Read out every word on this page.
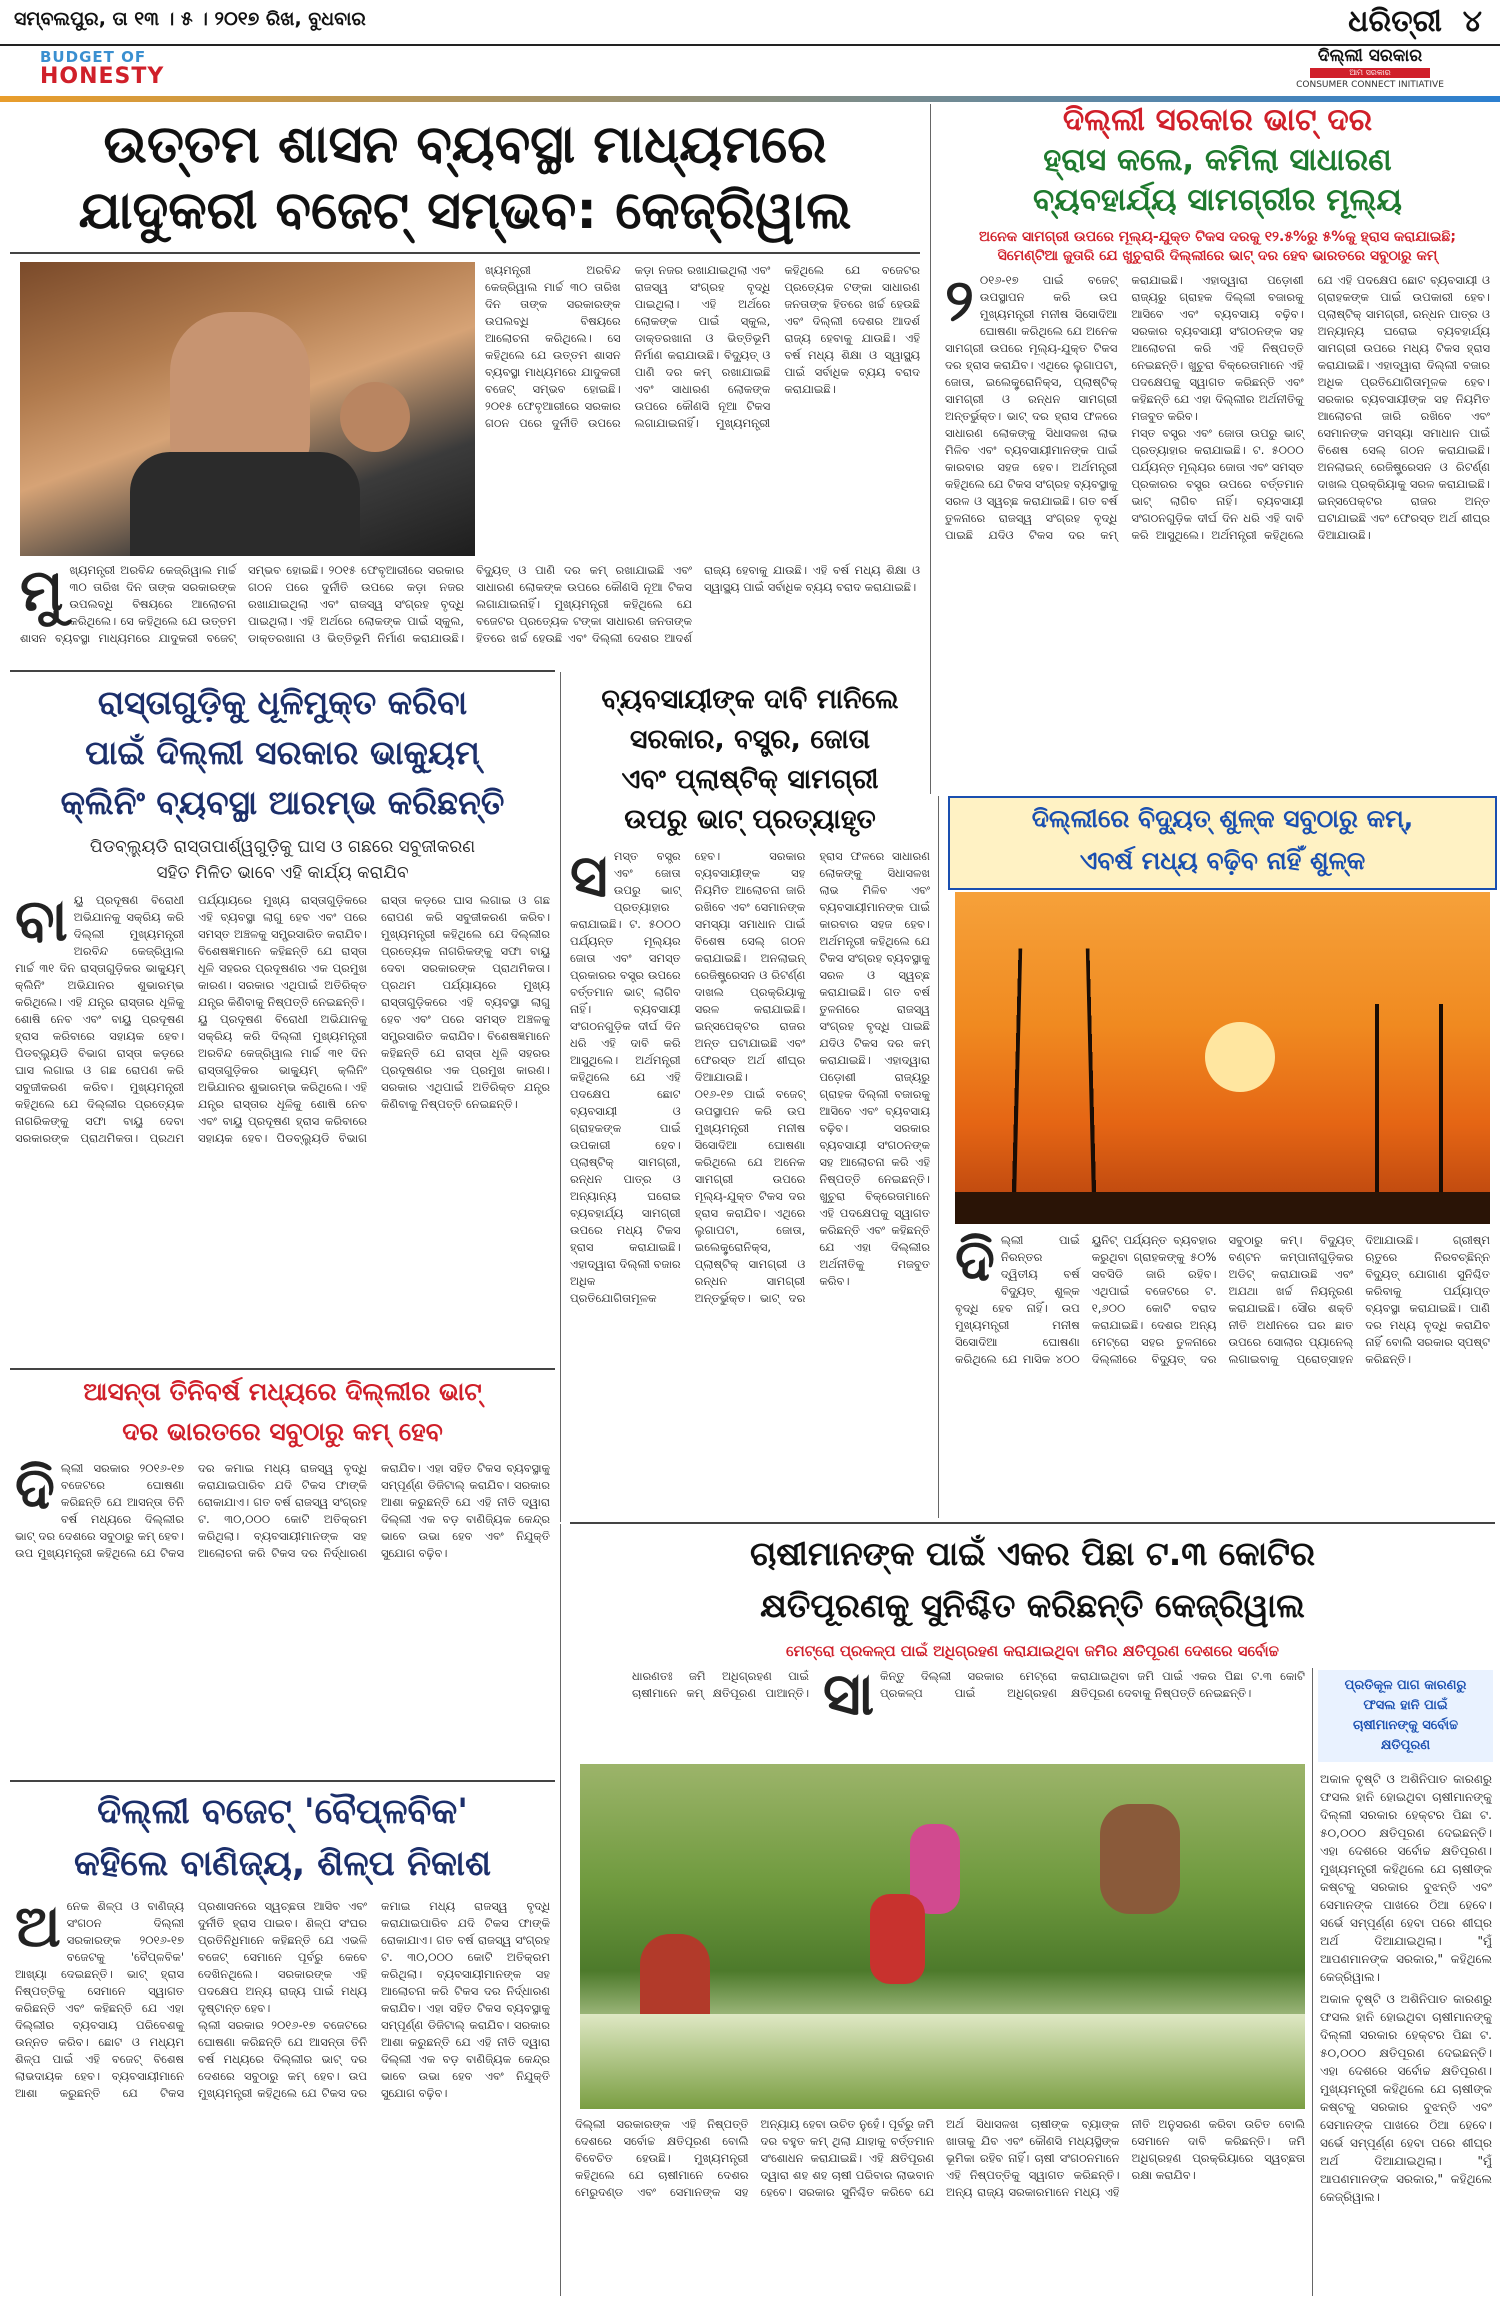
ସମ୍ବଲପୁର, ତା ୧୩ । ୫ । ୨୦୧୭ ରିଖ, ବୁଧବାର	ଧରିତ୍ରୀ ୪
BUDGET OF
HONESTY
ଦିଲ୍ଲୀ ସରକାର
ଆମ ସରକାର
CONSUMER CONNECT INITIATIVE
ଉତ୍ତମ ଶାସନ ବ୍ୟବସ୍ଥା ମାଧ୍ୟମରେ
ଯାଦୁକରୀ ବଜେଟ୍ ସମ୍ଭବ: କେଜ୍ରିୱାଲ

ଖ୍ୟମନ୍ତ୍ରୀ ଅରବିନ୍ଦ କେଜ୍ରିୱାଲ ମାର୍ଚ୍ଚ ୩୦ ତାରିଖ ଦିନ ତାଙ୍କ ସରକାରଙ୍କ ଉପଲବ୍ଧି ବିଷୟରେ ଆଲୋଚନା କରିଥିଲେ। ସେ କହିଥିଲେ ଯେ ଉତ୍ତମ ଶାସନ ବ୍ୟବସ୍ଥା ମାଧ୍ୟମରେ ଯାଦୁକରୀ ବଜେଟ୍ ସମ୍ଭବ ହୋଇଛି। ୨୦୧୫ ଫେବୃଆରୀରେ ସରକାର ଗଠନ ପରେ ଦୁର୍ନୀତି ଉପରେ କଡ଼ା ନଜର ରଖାଯାଇଥିଲା ଏବଂ ରାଜସ୍ୱ ସଂଗ୍ରହ ବୃଦ୍ଧି ପାଇଥିଲା। ଏହି ଅର୍ଥରେ ଲୋକଙ୍କ ପାଇଁ ସ୍କୁଲ, ଡାକ୍ତରଖାନା ଓ ଭିତ୍ତିଭୂମି ନିର୍ମାଣ କରାଯାଉଛି। ବିଦ୍ୟୁତ୍ ଓ ପାଣି ଦର କମ୍ ରଖାଯାଇଛି ଏବଂ ସାଧାରଣ ଲୋକଙ୍କ ଉପରେ କୌଣସି ନୂଆ ଟିକସ ଲଗାଯାଇନାହିଁ। ମୁଖ୍ୟମନ୍ତ୍ରୀ କହିଥିଲେ ଯେ ବଜେଟର ପ୍ରତ୍ୟେକ ଟଙ୍କା ସାଧାରଣ ଜନତାଙ୍କ ହିତରେ ଖର୍ଚ୍ଚ ହେଉଛି ଏବଂ ଦିଲ୍ଲୀ ଦେଶର ଆଦର୍ଶ ରାଜ୍ୟ ହେବାକୁ ଯାଉଛି। ଏହି ବର୍ଷ ମଧ୍ୟ ଶିକ୍ଷା ଓ ସ୍ୱାସ୍ଥ୍ୟ ପାଇଁ ସର୍ବାଧିକ ବ୍ୟୟ ବରାଦ କରାଯାଇଛି।

ମୁ ଖ୍ୟମନ୍ତ୍ରୀ ଅରବିନ୍ଦ କେଜ୍ରିୱାଲ ମାର୍ଚ୍ଚ ୩୦ ତାରିଖ ଦିନ ତାଙ୍କ ସରକାରଙ୍କ ଉପଲବ୍ଧି ବିଷୟରେ ଆଲୋଚନା କରିଥିଲେ। ସେ କହିଥିଲେ ଯେ ଉତ୍ତମ ଶାସନ ବ୍ୟବସ୍ଥା ମାଧ୍ୟମରେ ଯାଦୁକରୀ ବଜେଟ୍ ସମ୍ଭବ ହୋଇଛି। ୨୦୧୫ ଫେବୃଆରୀରେ ସରକାର ଗଠନ ପରେ ଦୁର୍ନୀତି ଉପରେ କଡ଼ା ନଜର ରଖାଯାଇଥିଲା ଏବଂ ରାଜସ୍ୱ ସଂଗ୍ରହ ବୃଦ୍ଧି ପାଇଥିଲା। ଏହି ଅର୍ଥରେ ଲୋକଙ୍କ ପାଇଁ ସ୍କୁଲ, ଡାକ୍ତରଖାନା ଓ ଭିତ୍ତିଭୂମି ନିର୍ମାଣ କରାଯାଉଛି। ବିଦ୍ୟୁତ୍ ଓ ପାଣି ଦର କମ୍ ରଖାଯାଇଛି ଏବଂ ସାଧାରଣ ଲୋକଙ୍କ ଉପରେ କୌଣସି ନୂଆ ଟିକସ ଲଗାଯାଇନାହିଁ। ମୁଖ୍ୟମନ୍ତ୍ରୀ କହିଥିଲେ ଯେ ବଜେଟର ପ୍ରତ୍ୟେକ ଟଙ୍କା ସାଧାରଣ ଜନତାଙ୍କ ହିତରେ ଖର୍ଚ୍ଚ ହେଉଛି ଏବଂ ଦିଲ୍ଲୀ ଦେଶର ଆଦର୍ଶ ରାଜ୍ୟ ହେବାକୁ ଯାଉଛି। ଏହି ବର୍ଷ ମଧ୍ୟ ଶିକ୍ଷା ଓ ସ୍ୱାସ୍ଥ୍ୟ ପାଇଁ ସର୍ବାଧିକ ବ୍ୟୟ ବରାଦ କରାଯାଇଛି।
ଦିଲ୍ଲୀ ସରକାର ଭାଟ୍ ଦର
ହ୍ରାସ କଲେ, କମିଲା ସାଧାରଣ
ବ୍ୟବହାର୍ଯ୍ୟ ସାମଗ୍ରୀର ମୂଲ୍ୟ
ଅନେକ ସାମଗ୍ରୀ ଉପରେ ମୂଲ୍ୟ-ଯୁକ୍ତ ଟିକସ ଦରକୁ ୧୨.୫%ରୁ ୫%କୁ ହ୍ରାସ କରାଯାଇଛି;
ସିମେଣ୍ଟିଆ ଜୁତାରି ଯେ ଖୁଚୁରାରି ଦିଲ୍ଲୀରେ ଭାଟ୍ ଦର ହେବ ଭାରତରେ ସବୁଠାରୁ କମ୍
୨ ୦୧୬-୧୭ ପାଇଁ ବଜେଟ୍ ଉପସ୍ଥାପନ କରି ଉପ ମୁଖ୍ୟମନ୍ତ୍ରୀ ମନୀଷ ସିସୋଦିଆ ଘୋଷଣା କରିଥିଲେ ଯେ ଅନେକ ସାମଗ୍ରୀ ଉପରେ ମୂଲ୍ୟ-ଯୁକ୍ତ ଟିକସ ଦର ହ୍ରାସ କରାଯିବ। ଏଥିରେ ଲୁଗାପଟା, ଜୋତା, ଇଲେକ୍ଟ୍ରୋନିକ୍ସ, ପ୍ଲାଷ୍ଟିକ୍ ସାମଗ୍ରୀ ଓ ରନ୍ଧନ ସାମଗ୍ରୀ ଅନ୍ତର୍ଭୁକ୍ତ। ଭାଟ୍ ଦର ହ୍ରାସ ଫଳରେ ସାଧାରଣ ଲୋକଙ୍କୁ ସିଧାସଳଖ ଲାଭ ମିଳିବ ଏବଂ ବ୍ୟବସାୟୀମାନଙ୍କ ପାଇଁ କାରବାର ସହଜ ହେବ। ଅର୍ଥମନ୍ତ୍ରୀ କହିଥିଲେ ଯେ ଟିକସ ସଂଗ୍ରହ ବ୍ୟବସ୍ଥାକୁ ସରଳ ଓ ସ୍ୱଚ୍ଛ କରାଯାଇଛି। ଗତ ବର୍ଷ ତୁଳନାରେ ରାଜସ୍ୱ ସଂଗ୍ରହ ବୃଦ୍ଧି ପାଇଛି ଯଦିଓ ଟିକସ ଦର କମ୍ କରାଯାଇଛି। ଏହାଦ୍ୱାରା ପଡ଼ୋଶୀ ରାଜ୍ୟରୁ ଗ୍ରାହକ ଦିଲ୍ଲୀ ବଜାରକୁ ଆସିବେ ଏବଂ ବ୍ୟବସାୟ ବଢ଼ିବ। ସରକାର ବ୍ୟବସାୟୀ ସଂଗଠନଙ୍କ ସହ ଆଲୋଚନା କରି ଏହି ନିଷ୍ପତ୍ତି ନେଇଛନ୍ତି। ଖୁଚୁରା ବିକ୍ରେତାମାନେ ଏହି ପଦକ୍ଷେପକୁ ସ୍ୱାଗତ କରିଛନ୍ତି ଏବଂ କହିଛନ୍ତି ଯେ ଏହା ଦିଲ୍ଲୀର ଅର୍ଥନୀତିକୁ ମଜବୁତ କରିବ।

ମସ୍ତ ବସ୍ତ୍ର ଏବଂ ଜୋତା ଉପରୁ ଭାଟ୍ ପ୍ରତ୍ୟାହାର କରାଯାଇଛି। ଟ. ୫୦୦୦ ପର୍ଯ୍ୟନ୍ତ ମୂଲ୍ୟର ଜୋତା ଏବଂ ସମସ୍ତ ପ୍ରକାରର ବସ୍ତ୍ର ଉପରେ ବର୍ତ୍ତମାନ ଭାଟ୍ ଲାଗିବ ନାହିଁ। ବ୍ୟବସାୟୀ ସଂଗଠନଗୁଡ଼ିକ ଦୀର୍ଘ ଦିନ ଧରି ଏହି ଦାବି କରି ଆସୁଥିଲେ। ଅର୍ଥମନ୍ତ୍ରୀ କହିଥିଲେ ଯେ ଏହି ପଦକ୍ଷେପ ଛୋଟ ବ୍ୟବସାୟୀ ଓ ଗ୍ରାହକଙ୍କ ପାଇଁ ଉପକାରୀ ହେବ। ପ୍ଲାଷ୍ଟିକ୍ ସାମଗ୍ରୀ, ରନ୍ଧନ ପାତ୍ର ଓ ଅନ୍ୟାନ୍ୟ ଘରୋଇ ବ୍ୟବହାର୍ଯ୍ୟ ସାମଗ୍ରୀ ଉପରେ ମଧ୍ୟ ଟିକସ ହ୍ରାସ କରାଯାଇଛି। ଏହାଦ୍ୱାରା ଦିଲ୍ଲୀ ବଜାର ଅଧିକ ପ୍ରତିଯୋଗିତାମୂଳକ ହେବ। ସରକାର ବ୍ୟବସାୟୀଙ୍କ ସହ ନିୟମିତ ଆଲୋଚନା ଜାରି ରଖିବେ ଏବଂ ସେମାନଙ୍କ ସମସ୍ୟା ସମାଧାନ ପାଇଁ ବିଶେଷ ସେଲ୍ ଗଠନ କରାଯାଇଛି। ଅନଲାଇନ୍ ରେଜିଷ୍ଟ୍ରେସନ ଓ ରିଟର୍ଣ୍ଣ ଦାଖଲ ପ୍ରକ୍ରିୟାକୁ ସରଳ କରାଯାଇଛି। ଇନ୍ସପେକ୍ଟର ରାଜର ଅନ୍ତ ଘଟାଯାଇଛି ଏବଂ ଫେରସ୍ତ ଅର୍ଥ ଶୀଘ୍ର ଦିଆଯାଉଛି।

ରାସ୍ତାଗୁଡ଼ିକୁ ଧୂଳିମୁକ୍ତ କରିବା
ପାଇଁ ଦିଲ୍ଲୀ ସରକାର ଭାକ୍ୟୁମ୍
କ୍ଲିନିଂ ବ୍ୟବସ୍ଥା ଆରମ୍ଭ କରିଛନ୍ତି
ପିଡବ୍ଲ୍ୟୁଡି ରାସ୍ତାପାର୍ଶ୍ୱଗୁଡ଼ିକୁ ଘାସ ଓ ଗଛରେ ସବୁଜୀକରଣ
ସହିତ ମିଳିତ ଭାବେ ଏହି କାର୍ଯ୍ୟ କରାଯିବ
ବା ୟୁ ପ୍ରଦୂଷଣ ବିରୋଧୀ ଅଭିଯାନକୁ ସକ୍ରିୟ କରି ଦିଲ୍ଲୀ ମୁଖ୍ୟମନ୍ତ୍ରୀ ଅରବିନ୍ଦ କେଜ୍ରିୱାଲ ମାର୍ଚ୍ଚ ୩୧ ଦିନ ରାସ୍ତାଗୁଡ଼ିକର ଭାକ୍ୟୁମ୍ କ୍ଲିନିଂ ଅଭିଯାନର ଶୁଭାରମ୍ଭ କରିଥିଲେ। ଏହି ଯନ୍ତ୍ର ରାସ୍ତାର ଧୂଳିକୁ ଶୋଷି ନେବ ଏବଂ ବାୟୁ ପ୍ରଦୂଷଣ ହ୍ରାସ କରିବାରେ ସହାୟକ ହେବ। ପିଡବ୍ଲ୍ୟୁଡି ବିଭାଗ ରାସ୍ତା କଡ଼ରେ ଘାସ ଲଗାଇ ଓ ଗଛ ରୋପଣ କରି ସବୁଜୀକରଣ କରିବ। ମୁଖ୍ୟମନ୍ତ୍ରୀ କହିଥିଲେ ଯେ ଦିଲ୍ଲୀର ପ୍ରତ୍ୟେକ ନାଗରିକଙ୍କୁ ସଫା ବାୟୁ ଦେବା ସରକାରଙ୍କ ପ୍ରାଥମିକତା। ପ୍ରଥମ ପର୍ଯ୍ୟାୟରେ ମୁଖ୍ୟ ରାସ୍ତାଗୁଡ଼ିକରେ ଏହି ବ୍ୟବସ୍ଥା ଲାଗୁ ହେବ ଏବଂ ପରେ ସମସ୍ତ ଅଞ୍ଚଳକୁ ସମ୍ପ୍ରସାରିତ କରାଯିବ। ବିଶେଷଜ୍ଞମାନେ କହିଛନ୍ତି ଯେ ରାସ୍ତା ଧୂଳି ସହରର ପ୍ରଦୂଷଣର ଏକ ପ୍ରମୁଖ କାରଣ। ସରକାର ଏଥିପାଇଁ ଅତିରିକ୍ତ ଯନ୍ତ୍ର କିଣିବାକୁ ନିଷ୍ପତ୍ତି ନେଇଛନ୍ତି।

ୟୁ ପ୍ରଦୂଷଣ ବିରୋଧୀ ଅଭିଯାନକୁ ସକ୍ରିୟ କରି ଦିଲ୍ଲୀ ମୁଖ୍ୟମନ୍ତ୍ରୀ ଅରବିନ୍ଦ କେଜ୍ରିୱାଲ ମାର୍ଚ୍ଚ ୩୧ ଦିନ ରାସ୍ତାଗୁଡ଼ିକର ଭାକ୍ୟୁମ୍ କ୍ଲିନିଂ ଅଭିଯାନର ଶୁଭାରମ୍ଭ କରିଥିଲେ। ଏହି ଯନ୍ତ୍ର ରାସ୍ତାର ଧୂଳିକୁ ଶୋଷି ନେବ ଏବଂ ବାୟୁ ପ୍ରଦୂଷଣ ହ୍ରାସ କରିବାରେ ସହାୟକ ହେବ। ପିଡବ୍ଲ୍ୟୁଡି ବିଭାଗ ରାସ୍ତା କଡ଼ରେ ଘାସ ଲଗାଇ ଓ ଗଛ ରୋପଣ କରି ସବୁଜୀକରଣ କରିବ। ମୁଖ୍ୟମନ୍ତ୍ରୀ କହିଥିଲେ ଯେ ଦିଲ୍ଲୀର ପ୍ରତ୍ୟେକ ନାଗରିକଙ୍କୁ ସଫା ବାୟୁ ଦେବା ସରକାରଙ୍କ ପ୍ରାଥମିକତା। ପ୍ରଥମ ପର୍ଯ୍ୟାୟରେ ମୁଖ୍ୟ ରାସ୍ତାଗୁଡ଼ିକରେ ଏହି ବ୍ୟବସ୍ଥା ଲାଗୁ ହେବ ଏବଂ ପରେ ସମସ୍ତ ଅଞ୍ଚଳକୁ ସମ୍ପ୍ରସାରିତ କରାଯିବ। ବିଶେଷଜ୍ଞମାନେ କହିଛନ୍ତି ଯେ ରାସ୍ତା ଧୂଳି ସହରର ପ୍ରଦୂଷଣର ଏକ ପ୍ରମୁଖ କାରଣ। ସରକାର ଏଥିପାଇଁ ଅତିରିକ୍ତ ଯନ୍ତ୍ର କିଣିବାକୁ ନିଷ୍ପତ୍ତି ନେଇଛନ୍ତି।

ବ୍ୟବସାୟୀଙ୍କ ଦାବି ମାନିଲେ
ସରକାର, ବସ୍ତ୍ର, ଜୋତା
ଏବଂ ପ୍ଲାଷ୍ଟିକ୍ ସାମଗ୍ରୀ
ଉପରୁ ଭାଟ୍ ପ୍ରତ୍ୟାହୃତ
ସ ମସ୍ତ ବସ୍ତ୍ର ଏବଂ ଜୋତା ଉପରୁ ଭାଟ୍ ପ୍ରତ୍ୟାହାର କରାଯାଇଛି। ଟ. ୫୦୦୦ ପର୍ଯ୍ୟନ୍ତ ମୂଲ୍ୟର ଜୋତା ଏବଂ ସମସ୍ତ ପ୍ରକାରର ବସ୍ତ୍ର ଉପରେ ବର୍ତ୍ତମାନ ଭାଟ୍ ଲାଗିବ ନାହିଁ। ବ୍ୟବସାୟୀ ସଂଗଠନଗୁଡ଼ିକ ଦୀର୍ଘ ଦିନ ଧରି ଏହି ଦାବି କରି ଆସୁଥିଲେ। ଅର୍ଥମନ୍ତ୍ରୀ କହିଥିଲେ ଯେ ଏହି ପଦକ୍ଷେପ ଛୋଟ ବ୍ୟବସାୟୀ ଓ ଗ୍ରାହକଙ୍କ ପାଇଁ ଉପକାରୀ ହେବ। ପ୍ଲାଷ୍ଟିକ୍ ସାମଗ୍ରୀ, ରନ୍ଧନ ପାତ୍ର ଓ ଅନ୍ୟାନ୍ୟ ଘରୋଇ ବ୍ୟବହାର୍ଯ୍ୟ ସାମଗ୍ରୀ ଉପରେ ମଧ୍ୟ ଟିକସ ହ୍ରାସ କରାଯାଇଛି। ଏହାଦ୍ୱାରା ଦିଲ୍ଲୀ ବଜାର ଅଧିକ ପ୍ରତିଯୋଗିତାମୂଳକ ହେବ। ସରକାର ବ୍ୟବସାୟୀଙ୍କ ସହ ନିୟମିତ ଆଲୋଚନା ଜାରି ରଖିବେ ଏବଂ ସେମାନଙ୍କ ସମସ୍ୟା ସମାଧାନ ପାଇଁ ବିଶେଷ ସେଲ୍ ଗଠନ କରାଯାଇଛି। ଅନଲାଇନ୍ ରେଜିଷ୍ଟ୍ରେସନ ଓ ରିଟର୍ଣ୍ଣ ଦାଖଲ ପ୍ରକ୍ରିୟାକୁ ସରଳ କରାଯାଇଛି। ଇନ୍ସପେକ୍ଟର ରାଜର ଅନ୍ତ ଘଟାଯାଇଛି ଏବଂ ଫେରସ୍ତ ଅର୍ଥ ଶୀଘ୍ର ଦିଆଯାଉଛି।

୦୧୬-୧୭ ପାଇଁ ବଜେଟ୍ ଉପସ୍ଥାପନ କରି ଉପ ମୁଖ୍ୟମନ୍ତ୍ରୀ ମନୀଷ ସିସୋଦିଆ ଘୋଷଣା କରିଥିଲେ ଯେ ଅନେକ ସାମଗ୍ରୀ ଉପରେ ମୂଲ୍ୟ-ଯୁକ୍ତ ଟିକସ ଦର ହ୍ରାସ କରାଯିବ। ଏଥିରେ ଲୁଗାପଟା, ଜୋତା, ଇଲେକ୍ଟ୍ରୋନିକ୍ସ, ପ୍ଲାଷ୍ଟିକ୍ ସାମଗ୍ରୀ ଓ ରନ୍ଧନ ସାମଗ୍ରୀ ଅନ୍ତର୍ଭୁକ୍ତ। ଭାଟ୍ ଦର ହ୍ରାସ ଫଳରେ ସାଧାରଣ ଲୋକଙ୍କୁ ସିଧାସଳଖ ଲାଭ ମିଳିବ ଏବଂ ବ୍ୟବସାୟୀମାନଙ୍କ ପାଇଁ କାରବାର ସହଜ ହେବ। ଅର୍ଥମନ୍ତ୍ରୀ କହିଥିଲେ ଯେ ଟିକସ ସଂଗ୍ରହ ବ୍ୟବସ୍ଥାକୁ ସରଳ ଓ ସ୍ୱଚ୍ଛ କରାଯାଇଛି। ଗତ ବର୍ଷ ତୁଳନାରେ ରାଜସ୍ୱ ସଂଗ୍ରହ ବୃଦ୍ଧି ପାଇଛି ଯଦିଓ ଟିକସ ଦର କମ୍ କରାଯାଇଛି। ଏହାଦ୍ୱାରା ପଡ଼ୋଶୀ ରାଜ୍ୟରୁ ଗ୍ରାହକ ଦିଲ୍ଲୀ ବଜାରକୁ ଆସିବେ ଏବଂ ବ୍ୟବସାୟ ବଢ଼ିବ। ସରକାର ବ୍ୟବସାୟୀ ସଂଗଠନଙ୍କ ସହ ଆଲୋଚନା କରି ଏହି ନିଷ୍ପତ୍ତି ନେଇଛନ୍ତି। ଖୁଚୁରା ବିକ୍ରେତାମାନେ ଏହି ପଦକ୍ଷେପକୁ ସ୍ୱାଗତ କରିଛନ୍ତି ଏବଂ କହିଛନ୍ତି ଯେ ଏହା ଦିଲ୍ଲୀର ଅର୍ଥନୀତିକୁ ମଜବୁତ କରିବ।

ଦିଲ୍ଲୀରେ ବିଦ୍ୟୁତ୍ ଶୁଳ୍କ ସବୁଠାରୁ କମ୍,
ଏବର୍ଷ ମଧ୍ୟ ବଢ଼ିବ ନାହିଁ ଶୁଳ୍କ
ଦି ଲ୍ଲୀ ପାଇଁ ନିରନ୍ତର ଦ୍ୱିତୀୟ ବର୍ଷ ବିଦ୍ୟୁତ୍ ଶୁଳ୍କ ବୃଦ୍ଧି ହେବ ନାହିଁ। ଉପ ମୁଖ୍ୟମନ୍ତ୍ରୀ ମନୀଷ ସିସୋଦିଆ ଘୋଷଣା କରିଥିଲେ ଯେ ମାସିକ ୪୦୦ ୟୁନିଟ୍ ପର୍ଯ୍ୟନ୍ତ ବ୍ୟବହାର କରୁଥିବା ଗ୍ରାହକଙ୍କୁ ୫୦% ସବସିଡି ଜାରି ରହିବ। ଏଥିପାଇଁ ବଜେଟରେ ଟ. ୧,୬୦୦ କୋଟି ବରାଦ କରାଯାଇଛି। ଦେଶର ଅନ୍ୟ ମେଟ୍ରୋ ସହର ତୁଳନାରେ ଦିଲ୍ଲୀରେ ବିଦ୍ୟୁତ୍ ଦର ସବୁଠାରୁ କମ୍। ବିଦ୍ୟୁତ୍ ବଣ୍ଟନ କମ୍ପାନୀଗୁଡ଼ିକର ଅଡିଟ୍ କରାଯାଉଛି ଏବଂ ଅଯଥା ଖର୍ଚ୍ଚ ନିୟନ୍ତ୍ରଣ କରାଯାଇଛି। ସୌର ଶକ୍ତି ନୀତି ଅଧୀନରେ ଘର ଛାତ ଉପରେ ସୋଲାର ପ୍ୟାନେଲ୍ ଲଗାଇବାକୁ ପ୍ରୋତ୍ସାହନ ଦିଆଯାଉଛି। ଗ୍ରୀଷ୍ମ ଋତୁରେ ନିରବଚ୍ଛିନ୍ନ ବିଦ୍ୟୁତ୍ ଯୋଗାଣ ସୁନିଶ୍ଚିତ କରିବାକୁ ପର୍ଯ୍ୟାପ୍ତ ବ୍ୟବସ୍ଥା କରାଯାଇଛି। ପାଣି ଦର ମଧ୍ୟ ବୃଦ୍ଧି କରାଯିବ ନାହିଁ ବୋଲି ସରକାର ସ୍ପଷ୍ଟ କରିଛନ୍ତି।
ଆସନ୍ତା ତିନିବର୍ଷ ମଧ୍ୟରେ ଦିଲ୍ଲୀର ଭାଟ୍
ଦର ଭାରତରେ ସବୁଠାରୁ କମ୍ ହେବ
ଦି ଲ୍ଲୀ ସରକାର ୨୦୧୬-୧୭ ବଜେଟରେ ଘୋଷଣା କରିଛନ୍ତି ଯେ ଆସନ୍ତା ତିନି ବର୍ଷ ମଧ୍ୟରେ ଦିଲ୍ଲୀର ଭାଟ୍ ଦର ଦେଶରେ ସବୁଠାରୁ କମ୍ ହେବ। ଉପ ମୁଖ୍ୟମନ୍ତ୍ରୀ କହିଥିଲେ ଯେ ଟିକସ ଦର କମାଇ ମଧ୍ୟ ରାଜସ୍ୱ ବୃଦ୍ଧି କରାଯାଇପାରିବ ଯଦି ଟିକସ ଫାଙ୍କି ରୋକାଯାଏ। ଗତ ବର୍ଷ ରାଜସ୍ୱ ସଂଗ୍ରହ ଟ. ୩୦,୦୦୦ କୋଟି ଅତିକ୍ରମ କରିଥିଲା। ବ୍ୟବସାୟୀମାନଙ୍କ ସହ ଆଲୋଚନା କରି ଟିକସ ଦର ନିର୍ଦ୍ଧାରଣ କରାଯିବ। ଏହା ସହିତ ଟିକସ ବ୍ୟବସ୍ଥାକୁ ସମ୍ପୂର୍ଣ୍ଣ ଡିଜିଟାଲ୍ କରାଯିବ। ସରକାର ଆଶା କରୁଛନ୍ତି ଯେ ଏହି ନୀତି ଦ୍ୱାରା ଦିଲ୍ଲୀ ଏକ ବଡ଼ ବାଣିଜ୍ୟିକ କେନ୍ଦ୍ର ଭାବେ ଉଭା ହେବ ଏବଂ ନିଯୁକ୍ତି ସୁଯୋଗ ବଢ଼ିବ।
ଦିଲ୍ଲୀ ବଜେଟ୍ 'ବୈପ୍ଳବିକ'
କହିଲେ ବାଣିଜ୍ୟ, ଶିଳ୍ପ ନିକାଶ
ଅ ନେକ ଶିଳ୍ପ ଓ ବାଣିଜ୍ୟ ସଂଗଠନ ଦିଲ୍ଲୀ ସରକାରଙ୍କ ୨୦୧୬-୧୭ ବଜେଟକୁ 'ବୈପ୍ଳବିକ' ଆଖ୍ୟା ଦେଇଛନ୍ତି। ଭାଟ୍ ହ୍ରାସ ନିଷ୍ପତ୍ତିକୁ ସେମାନେ ସ୍ୱାଗତ କରିଛନ୍ତି ଏବଂ କହିଛନ୍ତି ଯେ ଏହା ଦିଲ୍ଲୀର ବ୍ୟବସାୟ ପରିବେଶକୁ ଉନ୍ନତ କରିବ। ଛୋଟ ଓ ମଧ୍ୟମ ଶିଳ୍ପ ପାଇଁ ଏହି ବଜେଟ୍ ବିଶେଷ ଲାଭଦାୟକ ହେବ। ବ୍ୟବସାୟୀମାନେ ଆଶା କରୁଛନ୍ତି ଯେ ଟିକସ ପ୍ରଶାସନରେ ସ୍ୱଚ୍ଛତା ଆସିବ ଏବଂ ଦୁର୍ନୀତି ହ୍ରାସ ପାଇବ। ଶିଳ୍ପ ସଂଘର ପ୍ରତିନିଧିମାନେ କହିଛନ୍ତି ଯେ ଏଭଳି ବଜେଟ୍ ସେମାନେ ପୂର୍ବରୁ କେବେ ଦେଖିନଥିଲେ। ସରକାରଙ୍କ ଏହି ପଦକ୍ଷେପ ଅନ୍ୟ ରାଜ୍ୟ ପାଇଁ ମଧ୍ୟ ଦୃଷ୍ଟାନ୍ତ ହେବ।

ଲ୍ଲୀ ସରକାର ୨୦୧୬-୧୭ ବଜେଟରେ ଘୋଷଣା କରିଛନ୍ତି ଯେ ଆସନ୍ତା ତିନି ବର୍ଷ ମଧ୍ୟରେ ଦିଲ୍ଲୀର ଭାଟ୍ ଦର ଦେଶରେ ସବୁଠାରୁ କମ୍ ହେବ। ଉପ ମୁଖ୍ୟମନ୍ତ୍ରୀ କହିଥିଲେ ଯେ ଟିକସ ଦର କମାଇ ମଧ୍ୟ ରାଜସ୍ୱ ବୃଦ୍ଧି କରାଯାଇପାରିବ ଯଦି ଟିକସ ଫାଙ୍କି ରୋକାଯାଏ। ଗତ ବର୍ଷ ରାଜସ୍ୱ ସଂଗ୍ରହ ଟ. ୩୦,୦୦୦ କୋଟି ଅତିକ୍ରମ କରିଥିଲା। ବ୍ୟବସାୟୀମାନଙ୍କ ସହ ଆଲୋଚନା କରି ଟିକସ ଦର ନିର୍ଦ୍ଧାରଣ କରାଯିବ। ଏହା ସହିତ ଟିକସ ବ୍ୟବସ୍ଥାକୁ ସମ୍ପୂର୍ଣ୍ଣ ଡିଜିଟାଲ୍ କରାଯିବ। ସରକାର ଆଶା କରୁଛନ୍ତି ଯେ ଏହି ନୀତି ଦ୍ୱାରା ଦିଲ୍ଲୀ ଏକ ବଡ଼ ବାଣିଜ୍ୟିକ କେନ୍ଦ୍ର ଭାବେ ଉଭା ହେବ ଏବଂ ନିଯୁକ୍ତି ସୁଯୋଗ ବଢ଼ିବ।

ଚାଷୀମାନଙ୍କ ପାଇଁ ଏକର ପିଛା ଟ.୩ କୋଟିର
କ୍ଷତିପୂରଣକୁ ସୁନିଶ୍ଚିତ କରିଛନ୍ତି କେଜ୍ରିୱାଲ
ମେଟ୍ରୋ ପ୍ରକଳ୍ପ ପାଇଁ ଅଧିଗ୍ରହଣ କରାଯାଇଥିବା ଜମିର କ୍ଷତିପୂରଣ ଦେଶରେ ସର୍ବୋଚ୍ଚ
ସା
ଧାରଣତଃ ଜମି ଅଧିଗ୍ରହଣ ପାଇଁ ଚାଷୀମାନେ କମ୍ କ୍ଷତିପୂରଣ ପାଆନ୍ତି। କିନ୍ତୁ ଦିଲ୍ଲୀ ସରକାର ମେଟ୍ରୋ ପ୍ରକଳ୍ପ ପାଇଁ ଅଧିଗ୍ରହଣ କରାଯାଇଥିବା ଜମି ପାଇଁ ଏକର ପିଛା ଟ.୩ କୋଟି କ୍ଷତିପୂରଣ ଦେବାକୁ ନିଷ୍ପତ୍ତି ନେଇଛନ୍ତି।
ଦିଲ୍ଲୀ ସରକାରଙ୍କ ଏହି ନିଷ୍ପତ୍ତି ଦେଶରେ ସର୍ବୋଚ୍ଚ କ୍ଷତିପୂରଣ ବୋଲି ବିବେଚିତ ହେଉଛି। ମୁଖ୍ୟମନ୍ତ୍ରୀ କହିଥିଲେ ଯେ ଚାଷୀମାନେ ଦେଶର ମେରୁଦଣ୍ଡ ଏବଂ ସେମାନଙ୍କ ସହ ଅନ୍ୟାୟ ହେବା ଉଚିତ ନୁହେଁ। ପୂର୍ବରୁ ଜମି ଦର ବହୁତ କମ୍ ଥିଲା ଯାହାକୁ ବର୍ତ୍ତମାନ ସଂଶୋଧନ କରାଯାଇଛି। ଏହି କ୍ଷତିପୂରଣ ଦ୍ୱାରା ଶହ ଶହ ଚାଷୀ ପରିବାର ଲାଭବାନ ହେବେ। ସରକାର ସୁନିଶ୍ଚିତ କରିବେ ଯେ ଅର୍ଥ ସିଧାସଳଖ ଚାଷୀଙ୍କ ବ୍ୟାଙ୍କ ଖାତାକୁ ଯିବ ଏବଂ କୌଣସି ମଧ୍ୟସ୍ଥିଙ୍କ ଭୂମିକା ରହିବ ନାହିଁ। ଚାଷୀ ସଂଗଠନମାନେ ଏହି ନିଷ୍ପତ୍ତିକୁ ସ୍ୱାଗତ କରିଛନ୍ତି। ଅନ୍ୟ ରାଜ୍ୟ ସରକାରମାନେ ମଧ୍ୟ ଏହି ନୀତି ଅନୁସରଣ କରିବା ଉଚିତ ବୋଲି ସେମାନେ ଦାବି କରିଛନ୍ତି। ଜମି ଅଧିଗ୍ରହଣ ପ୍ରକ୍ରିୟାରେ ସ୍ୱଚ୍ଛତା ରକ୍ଷା କରାଯିବ।
ପ୍ରତିକୂଳ ପାଗ କାରଣରୁ
ଫସଲ ହାନି ପାଇଁ
ଚାଷୀମାନଙ୍କୁ ସର୍ବୋଚ୍ଚ
କ୍ଷତିପୂରଣ

ଅକାଳ ବୃଷ୍ଟି ଓ ଅଶିନିପାତ କାରଣରୁ ଫସଲ ହାନି ହୋଇଥିବା ଚାଷୀମାନଙ୍କୁ ଦିଲ୍ଲୀ ସରକାର ହେକ୍ଟର ପିଛା ଟ. ୫୦,୦୦୦ କ୍ଷତିପୂରଣ ଦେଇଛନ୍ତି। ଏହା ଦେଶରେ ସର୍ବୋଚ୍ଚ କ୍ଷତିପୂରଣ। ମୁଖ୍ୟମନ୍ତ୍ରୀ କହିଥିଲେ ଯେ ଚାଷୀଙ୍କ କଷ୍ଟକୁ ସରକାର ବୁଝନ୍ତି ଏବଂ ସେମାନଙ୍କ ପାଖରେ ଠିଆ ହେବେ। ସର୍ଭେ ସମ୍ପୂର୍ଣ୍ଣ ହେବା ପରେ ଶୀଘ୍ର ଅର୍ଥ ଦିଆଯାଇଥିଲା। "ମୁଁ ଆପଣମାନଙ୍କ ସରକାର," କହିଥିଲେ କେଜ୍ରିୱାଲ।

ଅକାଳ ବୃଷ୍ଟି ଓ ଅଶିନିପାତ କାରଣରୁ ଫସଲ ହାନି ହୋଇଥିବା ଚାଷୀମାନଙ୍କୁ ଦିଲ୍ଲୀ ସରକାର ହେକ୍ଟର ପିଛା ଟ. ୫୦,୦୦୦ କ୍ଷତିପୂରଣ ଦେଇଛନ୍ତି। ଏହା ଦେଶରେ ସର୍ବୋଚ୍ଚ କ୍ଷତିପୂରଣ। ମୁଖ୍ୟମନ୍ତ୍ରୀ କହିଥିଲେ ଯେ ଚାଷୀଙ୍କ କଷ୍ଟକୁ ସରକାର ବୁଝନ୍ତି ଏବଂ ସେମାନଙ୍କ ପାଖରେ ଠିଆ ହେବେ। ସର୍ଭେ ସମ୍ପୂର୍ଣ୍ଣ ହେବା ପରେ ଶୀଘ୍ର ଅର୍ଥ ଦିଆଯାଇଥିଲା। "ମୁଁ ଆପଣମାନଙ୍କ ସରକାର," କହିଥିଲେ କେଜ୍ରିୱାଲ।
